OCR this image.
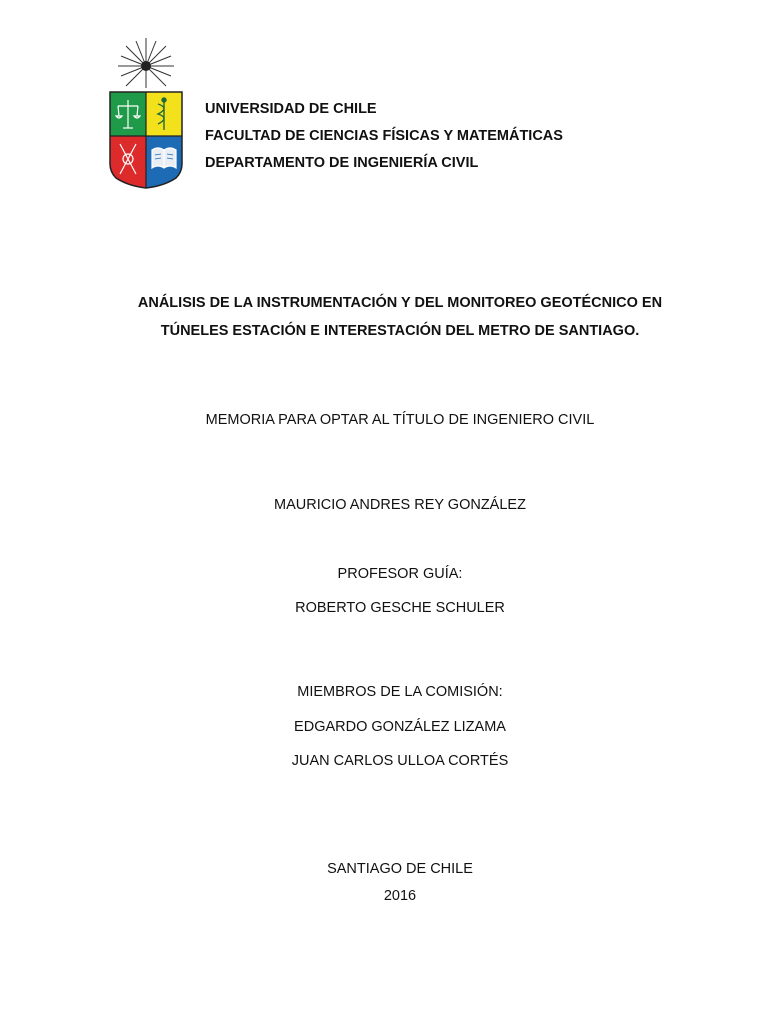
UNIVERSIDAD DE CHILE
FACULTAD DE CIENCIAS FÍSICAS Y MATEMÁTICAS
DEPARTAMENTO DE INGENIERÍA CIVIL
ANÁLISIS DE LA INSTRUMENTACIÓN Y DEL MONITOREO GEOTÉCNICO EN
TÚNELES ESTACIÓN E INTERESTACIÓN DEL METRO DE SANTIAGO.
MEMORIA PARA OPTAR AL TÍTULO DE INGENIERO CIVIL
MAURICIO ANDRES REY GONZÁLEZ
PROFESOR GUÍA:
ROBERTO GESCHE SCHULER
MIEMBROS DE LA COMISIÓN:
EDGARDO GONZÁLEZ LIZAMA
JUAN CARLOS ULLOA CORTÉS
SANTIAGO DE CHILE
2016
